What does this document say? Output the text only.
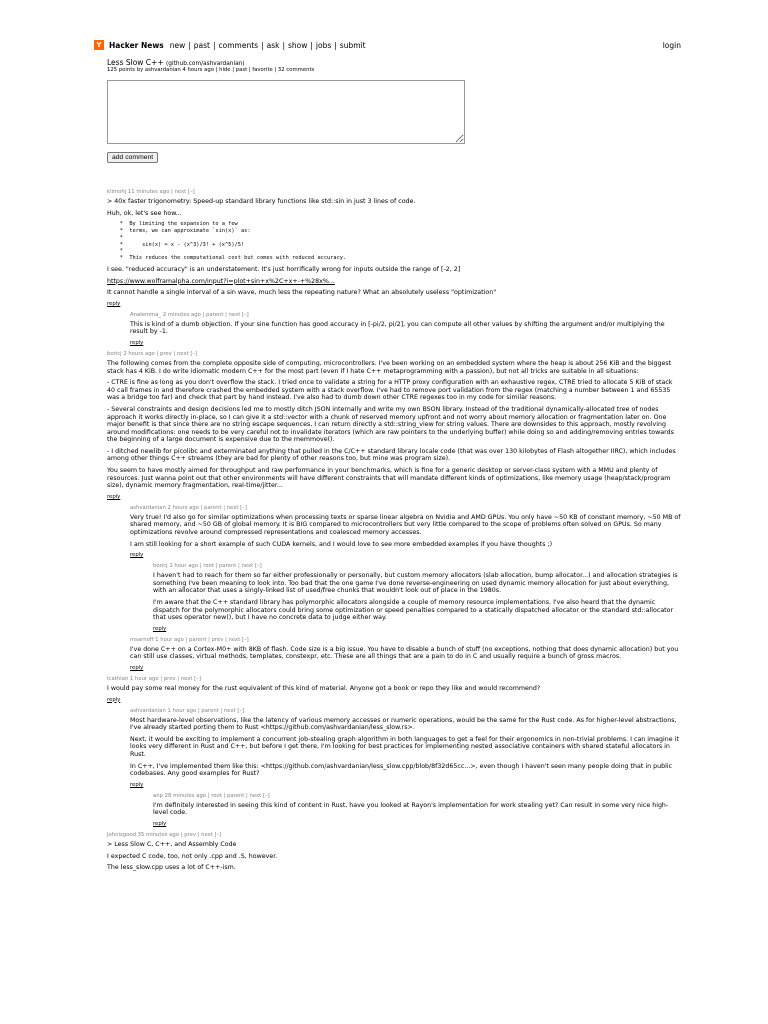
Y Hacker News new | past | comments | ask | show | jobs | submit	login
Less Slow C++ (github.com/ashvardanian)
125 points by ashvardanian 4 hours ago | hide | past | favorite | 32 comments
add comment
klimohj 11 minutes ago | next [–]

> 40x faster trigonometry: Speed-up standard library functions like std::sin in just 3 lines of code.

Huh, ok, let's see how...

*  By limiting the expansion to a few
*  terms, we can approximate `sin(x)` as:
*
*      sin(x) ≈ x - (x^3)/3! + (x^5)/5!
*
*  This reduces the computational cost but comes with reduced accuracy.

I see. "reduced accuracy" is an understatement. It's just horrifically wrong for inputs outside the range of [-2, 2]

https://www.wolframalpha.com/input?i=plot+sin+x%2C+x+-+%28x%...

It cannot handle a single interval of a sin wave, much less the repeating nature? What an absolutely useless "optimization"

reply
Analemma_ 2 minutes ago | parent | next [–]

This is kind of a dumb objection. If your sine function has good accuracy in [-pi/2, pi/2], you can compute all other values by shifting the argument and/or multiplying the result by -1.

reply
boricj 2 hours ago | prev | next [–]

The following comes from the complete opposite side of computing, microcontrollers. I've been working on an embedded system where the heap is about 256 KiB and the biggest stack has 4 KiB. I do write idiomatic modern C++ for the most part (even if I hate C++ metaprogramming with a passion), but not all tricks are suitable in all situations:

- CTRE is fine as long as you don't overflow the stack. I tried once to validate a string for a HTTP proxy configuration with an exhaustive regex, CTRE tried to allocate 5 KiB of stack 40 call frames in and therefore crashed the embedded system with a stack overflow. I've had to remove port validation from the regex (matching a number between 1 and 65535 was a bridge too far) and check that part by hand instead. I've also had to dumb down other CTRE regexes too in my code for similar reasons.

- Several constraints and design decisions led me to mostly ditch JSON internally and write my own BSON library. Instead of the traditional dynamically-allocated tree of nodes approach it works directly in-place, so I can give it a std::vector with a chunk of reserved memory upfront and not worry about memory allocation or fragmentation later on. One major benefit is that since there are no string escape sequences, I can return directly a std::string_view for string values. There are downsides to this approach, mostly revolving around modifications: one needs to be very careful not to invalidate iterators (which are raw pointers to the underlying buffer) while doing so and adding/removing entries towards the beginning of a large document is expensive due to the memmove().

- I ditched newlib for picolibc and exterminated anything that pulled in the C/C++ standard library locale code (that was over 130 kilobytes of Flash altogether IIRC), which includes among other things C++ streams (they are bad for plenty of other reasons too, but mine was program size).

You seem to have mostly aimed for throughput and raw performance in your benchmarks, which is fine for a generic desktop or server-class system with a MMU and plenty of resources. Just wanna point out that other environments will have different constraints that will mandate different kinds of optimizations, like memory usage (heap/stack/program size), dynamic memory fragmentation, real-time/jitter...

reply
ashvardanian 2 hours ago | parent | next [–]

Very true! I'd also go for similar optimizations when processing texts or sparse linear algebra on Nvidia and AMD GPUs. You only have ~50 KB of constant memory, ~50 MB of shared memory, and ~50 GB of global memory. It is BIG compared to microcontrollers but very little compared to the scope of problems often solved on GPUs. So many optimizations revolve around compressed representations and coalesced memory accesses.

I am still looking for a short example of such CUDA kernels, and I would love to see more embedded examples if you have thoughts ;)

reply
boricj 1 hour ago | root | parent | next [–]

I haven't had to reach for them so far either professionally or personally, but custom memory allocators (slab allocation, bump allocator...) and allocation strategies is something I've been meaning to look into. Too bad that the one game I've done reverse-engineering on used dynamic memory allocation for just about everything, with an allocator that uses a singly-linked list of used/free chunks that wouldn't look out of place in the 1980s.

I'm aware that the C++ standard library has polymorphic allocators alongside a couple of memory resource implementations. I've also heard that the dynamic dispatch for the polymorphic allocators could bring some optimization or speed penalties compared to a statically dispatched allocator or the standard std::allocator that uses operator new(), but I have no concrete data to judge either way.

reply
msarnoff 1 hour ago | parent | prev | next [–]

I've done C++ on a Cortex-M0+ with 8KB of flash. Code size is a big issue. You have to disable a bunch of stuff (no exceptions, nothing that does dynamic allocation) but you can still use classes, virtual methods, templates, constexpr, etc. These are all things that are a pain to do in C and usually require a bunch of gross macros.

reply
Icathian 1 hour ago | prev | next [–]

I would pay some real money for the rust equivalent of this kind of material. Anyone got a book or repo they like and would recommend?

reply
ashvardanian 1 hour ago | parent | next [–]

Most hardware-level observations, like the latency of various memory accesses or numeric operations, would be the same for the Rust code. As for higher-level abstractions, I've already started porting them to Rust <https://github.com/ashvardanian/less_slow.rs>.

Next, it would be exciting to implement a concurrent job-stealing graph algorithm in both languages to get a feel for their ergonomics in non-trivial problems. I can imagine it looks very different in Rust and C++, but before I get there, I'm looking for best practices for implementing nested associative containers with shared stateful allocators in Rust.

In C++, I've implemented them like this: <https://github.com/ashvardanian/less_slow.cpp/blob/8f32d65cc...>, even though I haven't seen many people doing that in public codebases. Any good examples for Rust?

reply
anp 28 minutes ago | root | parent | next [–]

I'm definitely interested in seeing this kind of content in Rust, have you looked at Rayon's implementation for work stealing yet? Can result in some very nice high-level code.

reply
Johnisgood 35 minutes ago | prev | next [–]

> Less Slow C, C++, and Assembly Code

I expected C code, too, not only .cpp and .S, however.

The less_slow.cpp uses a lot of C++-ism.
